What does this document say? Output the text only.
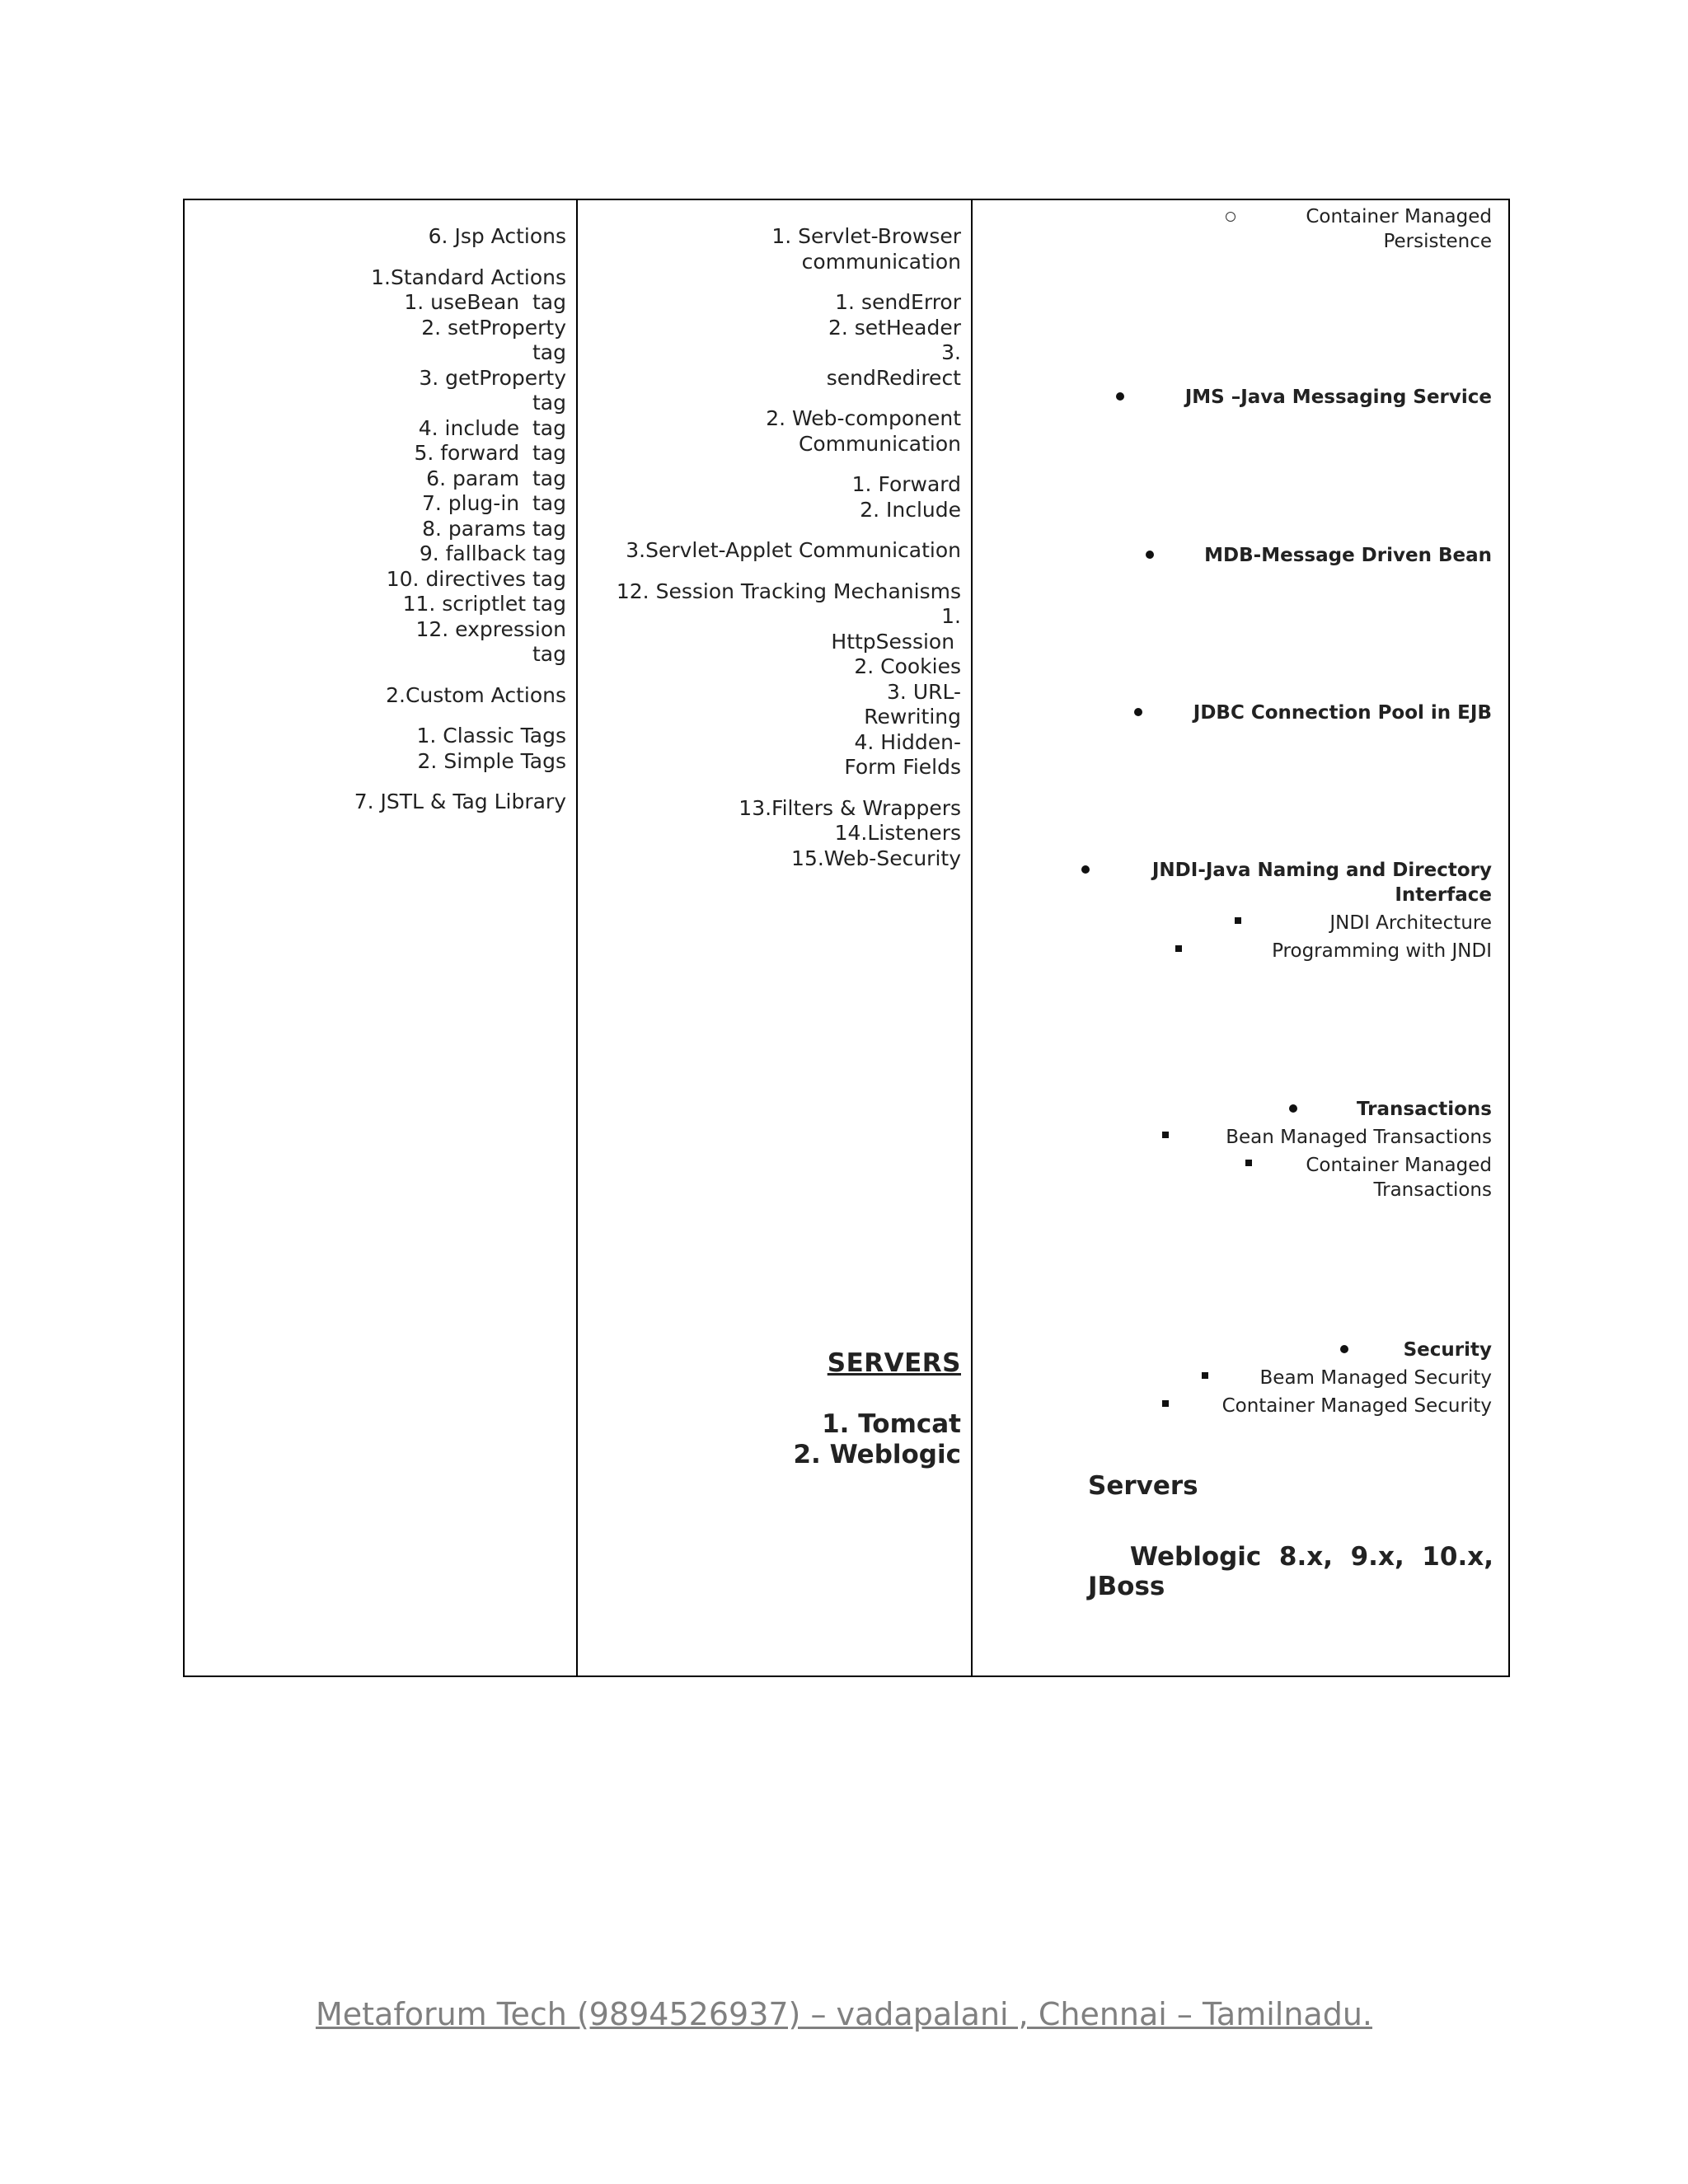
6. Jsp Actions
1.Standard Actions
1. useBean  tag
2. setProperty
tag
3. getProperty
tag
4. include  tag
5. forward  tag
6. param  tag
7. plug-in  tag
8. params tag
9. fallback tag
10. directives tag
11. scriptlet tag
12. expression
tag
2.Custom Actions
1. Classic Tags
2. Simple Tags
7. JSTL & Tag Library
1. Servlet-Browser
communication
1. sendError
2. setHeader
3.
sendRedirect
2. Web-component
Communication
1. Forward
2. Include
3.Servlet-Applet Communication
12. Session Tracking Mechanisms
1.
HttpSession
2. Cookies
3. URL-
Rewriting
4. Hidden-
Form Fields
13.Filters & Wrappers
14.Listeners
15.Web-Security
SERVERS
1. Tomcat
2. Weblogic
Container Managed
Persistence
JMS –Java Messaging Service
MDB-Message Driven Bean
JDBC Connection Pool in EJB
JNDI-Java Naming and Directory
Interface
JNDI Architecture
Programming with JNDI
Transactions
Bean Managed Transactions
Container Managed
Transactions
Security
Beam Managed Security
Container Managed Security
Servers
Weblogic  8.x,  9.x,  10.x,
JBoss
Metaforum Tech (9894526937) – vadapalani , Chennai – Tamilnadu.
